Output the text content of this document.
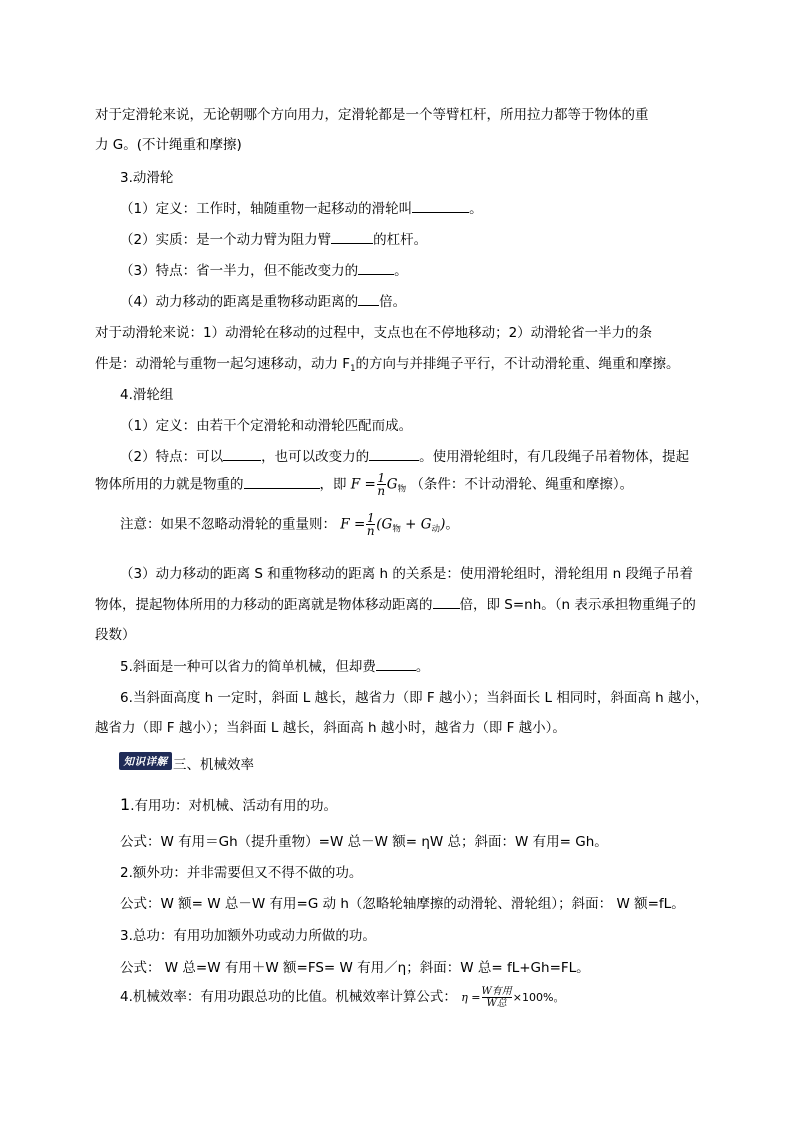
对于定滑轮来说，无论朝哪个方向用力，定滑轮都是一个等臂杠杆，所用拉力都等于物体的重
力 G。(不计绳重和摩擦)
3.动滑轮
（1）定义：工作时，轴随重物一起移动的滑轮叫	。
（2）实质：是一个动力臂为阻力臂	的杠杆。
（3）特点：省一半力，但不能改变力的	。
（4）动力移动的距离是重物移动距离的 倍。
对于动滑轮来说：1）动滑轮在移动的过程中，支点也在不停地移动；2）动滑轮省一半力的条
件是：动滑轮与重物一起匀速移动，动力 $F_1$的方向与并排绳子平行，不计动滑轮重、绳重和摩擦。
4.滑轮组
（1）定义：由若干个定滑轮和动滑轮匹配而成。
（2）特点：可以	，也可以改变力的	。使用滑轮组时，有几段绳子吊着物体，提起
物体所用的力就是物重的	，即 $F = \frac{1}{n} G_物$ （条件：不计动滑轮、绳重和摩擦）。
注意：如果不忽略动滑轮的重量则： $F = \frac{1}{n} (G_物 + G_动)$。
（3）动力移动的距离 S 和重物移动的距离 h 的关系是：使用滑轮组时，滑轮组用 n 段绳子吊着
物体，提起物体所用的力移动的距离就是物体移动距离的 倍，即 S=nh。（n 表示承担物重绳子的
段数）
5.斜面是一种可以省力的简单机械，但却费	。
6.当斜面高度 h 一定时，斜面 L 越长，越省力（即 F 越小）；当斜面长 L 相同时，斜面高 h 越小，
越省力（即 F 越小）；当斜面 L 越长，斜面高 h 越小时，越省力（即 F 越小）。
知识详解 三、机械效率
1.有用功：对机械、活动有用的功。
公式：W 有用＝Gh（提升重物）=W 总－W 额= ηW 总；斜面：W 有用= Gh。
2.额外功：并非需要但又不得不做的功。
公式：W 额= W 总－W 有用=G 动 h（忽略轮轴摩擦的动滑轮、滑轮组）；斜面： W 额=fL。
3.总功：有用功加额外功或动力所做的功。
公式： W 总=W 有用＋W 额=FS= W 有用／η；斜面：W 总= fL+Gh=FL。
4.机械效率：有用功跟总功的比值。机械效率计算公式： $\eta = \frac{\text{W有用}}{\text{W总}} \times 100\%$。
